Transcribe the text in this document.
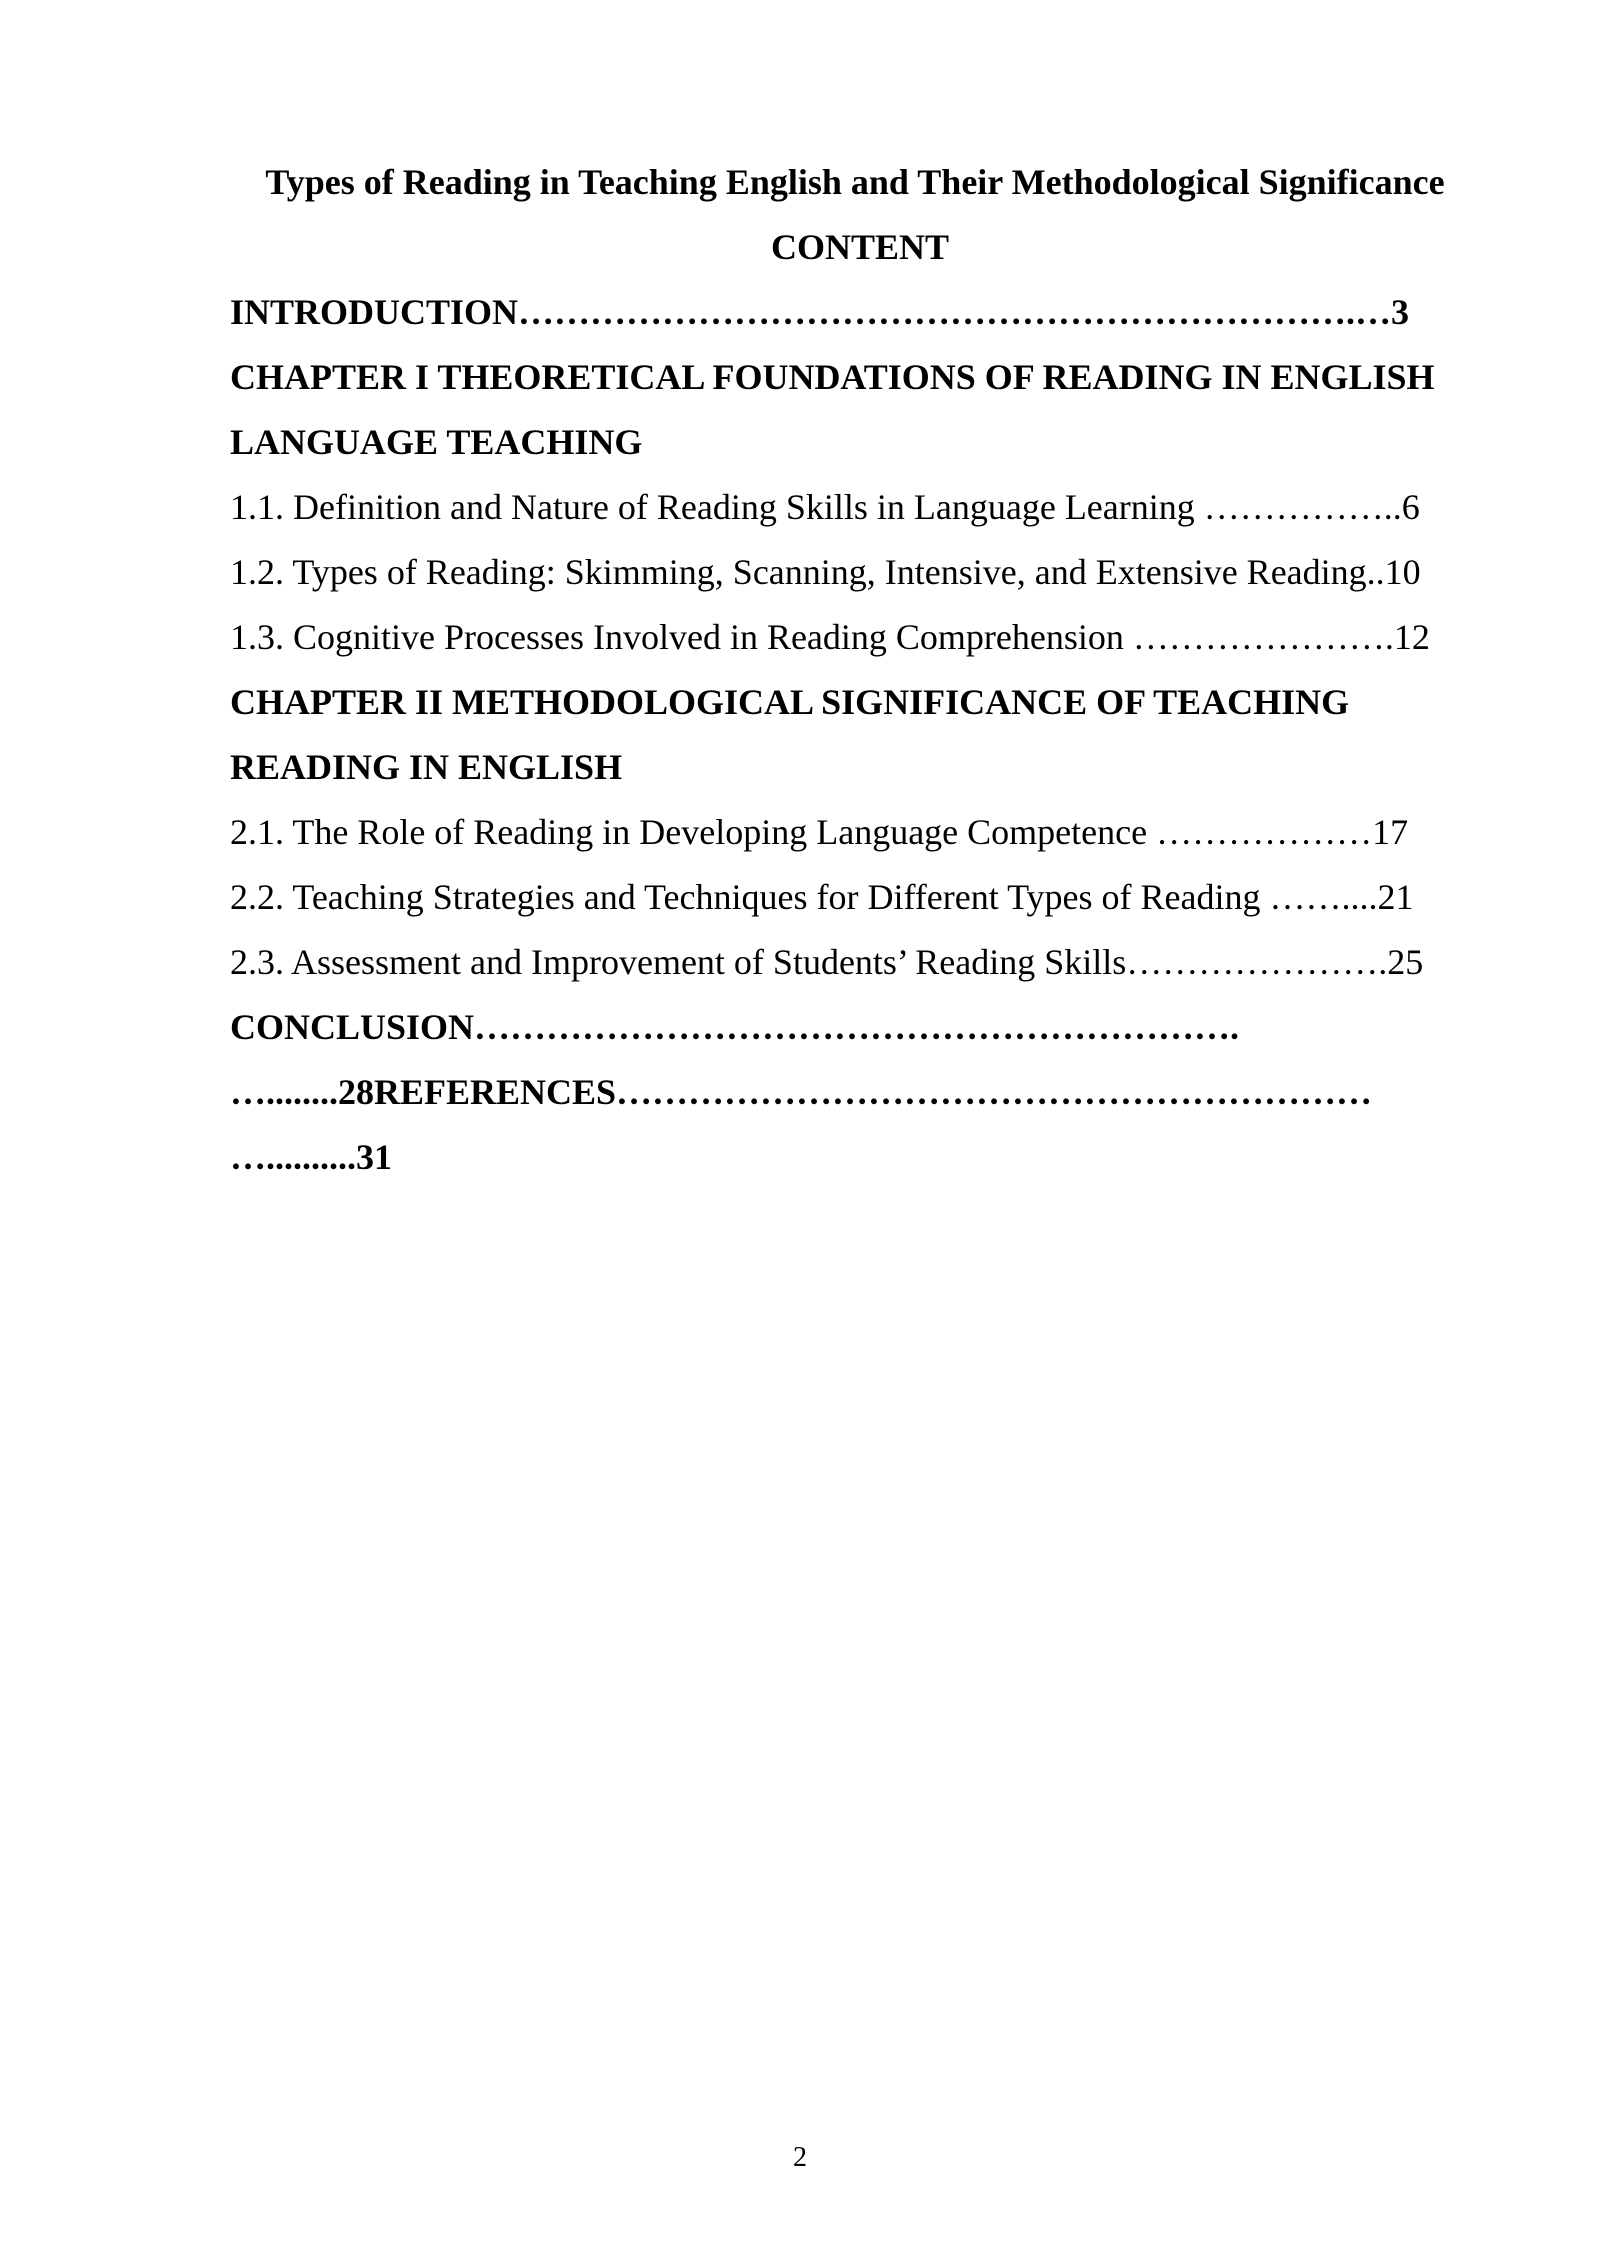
Types of Reading in Teaching English and Their Methodological Significance
CONTENT
INTRODUCTION…………………………………………………………….…3
CHAPTER I THEORETICAL FOUNDATIONS OF READING IN ENGLISH
LANGUAGE TEACHING
1.1. Definition and Nature of Reading Skills in Language Learning ……………..6
1.2. Types of Reading: Skimming, Scanning, Intensive, and Extensive Reading..10
1.3. Cognitive Processes Involved in Reading Comprehension ………………….12
CHAPTER II METHODOLOGICAL SIGNIFICANCE OF TEACHING
READING IN ENGLISH
2.1. The Role of Reading in Developing Language Competence ………………17
2.2. Teaching Strategies and Techniques for Different Types of Reading ……....21
2.3. Assessment and Improvement of Students’ Reading Skills………………….25
CONCLUSION……………………………………………………….
…........28REFERENCES………………………………………………………
…..........31
2
